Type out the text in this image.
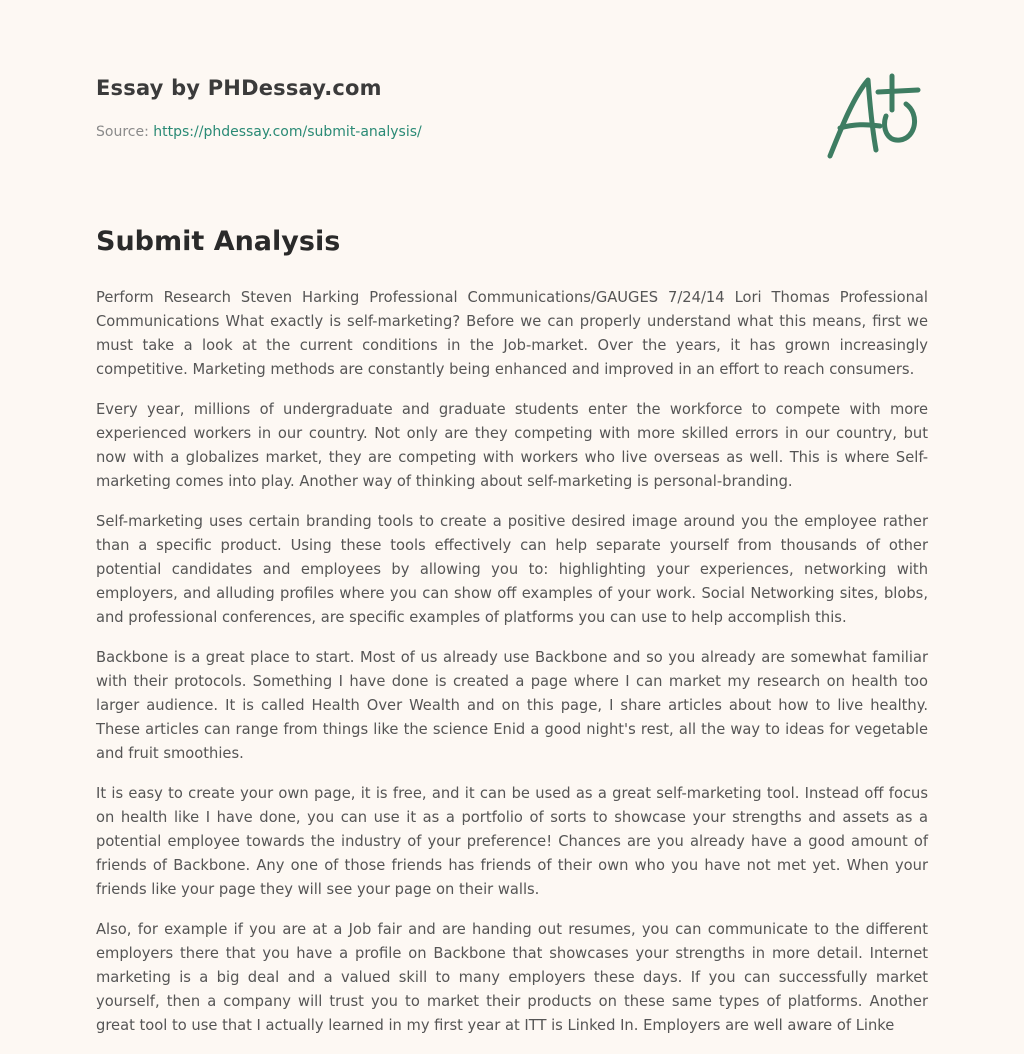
Essay by PHDessay.com
Source: https://phdessay.com/submit-analysis/
Submit Analysis

Perform Research Steven Harking Professional Communications/GAUGES 7/24/14 Lori Thomas Professional Communications What exactly is self-marketing? Before we can properly understand what this means, first we must take a look at the current conditions in the Job-market. Over the years, it has grown increasingly competitive. Marketing methods are constantly being enhanced and improved in an effort to reach consumers.

Every year, millions of undergraduate and graduate students enter the workforce to compete with more experienced workers in our country. Not only are they competing with more skilled errors in our country, but now with a globalizes market, they are competing with workers who live overseas as well. This is where Self-marketing comes into play. Another way of thinking about self-marketing is personal-branding.

Self-marketing uses certain branding tools to create a positive desired image around you the employee rather than a specific product. Using these tools effectively can help separate yourself from thousands of other potential candidates and employees by allowing you to: highlighting your experiences, networking with employers, and alluding profiles where you can show off examples of your work. Social Networking sites, blobs, and professional conferences, are specific examples of platforms you can use to help accomplish this.

Backbone is a great place to start. Most of us already use Backbone and so you already are somewhat familiar with their protocols. Something I have done is created a page where I can market my research on health too larger audience. It is called Health Over Wealth and on this page, I share articles about how to live healthy. These articles can range from things like the science Enid a good night's rest, all the way to ideas for vegetable and fruit smoothies.

It is easy to create your own page, it is free, and it can be used as a great self-marketing tool. Instead off focus on health like I have done, you can use it as a portfolio of sorts to showcase your strengths and assets as a potential employee towards the industry of your preference! Chances are you already have a good amount of friends of Backbone. Any one of those friends has friends of their own who you have not met yet. When your friends like your page they will see your page on their walls.

Also, for example if you are at a Job fair and are handing out resumes, you can communicate to the different employers there that you have a profile on Backbone that showcases your strengths in more detail. Internet marketing is a big deal and a valued skill to many employers these days. If you can successfully market yourself, then a company will trust you to market their products on these same types of platforms. Another great tool to use that I actually learned in my first year at ITT is Linked In. Employers are well aware of Linke
